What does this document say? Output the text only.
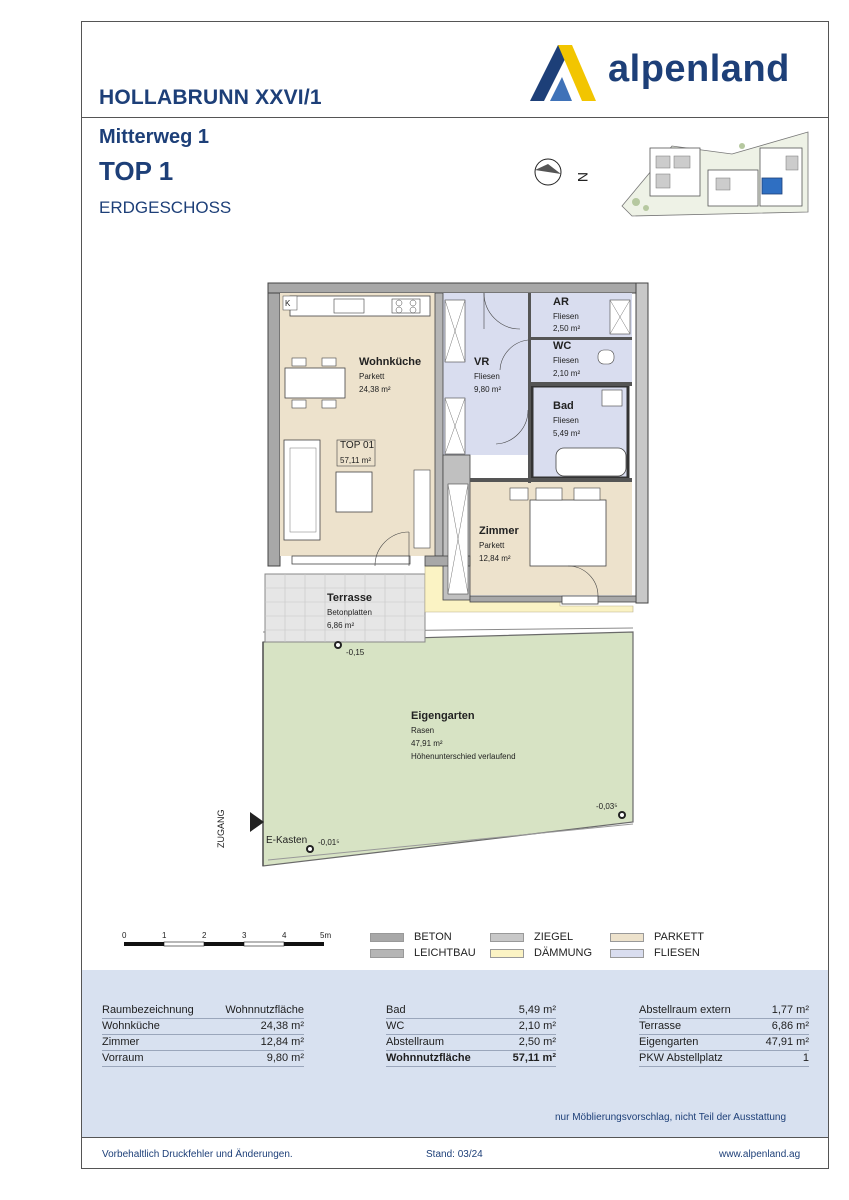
HOLLABRUNN XXVI/1
Mitterweg 1
TOP 1
ERDGESCHOSS
alpenland
N
K
Wohnküche
Parkett
24,38 m²
VR
Fliesen
9,80 m²
AR
Fliesen
2,50 m²
WC
Fliesen
2,10 m²
Bad
Fliesen
5,49 m²
Zimmer
Parkett
12,84 m²
TOP 01
57,11 m²
Terrasse
Betonplatten
6,86 m²
-0,15
Eigengarten
Rasen
47,91 m²
Höhenunterschied verlaufend
-0,03⁵
-0,01⁵
E-Kasten
ZUGANG
0	1	2	3	4	5m	BETON
LEICHTBAU
ZIEGEL
DÄMMUNG
PARKETT
FLIESEN
Raumbezeichnung	Wohnnutzfläche
Wohnküche	24,38 m²
Zimmer	12,84 m²
Vorraum	9,80 m²
Bad	5,49 m²
WC	2,10 m²
Abstellraum	2,50 m²
Wohnnutzfläche	57,11 m²
Abstellraum extern	1,77 m²
Terrasse	6,86 m²
Eigengarten	47,91 m²
PKW Abstellplatz	1
nur Möblierungsvorschlag, nicht Teil der Ausstattung
Vorbehaltlich Druckfehler und Änderungen.	Stand: 03/24	www.alpenland.ag
